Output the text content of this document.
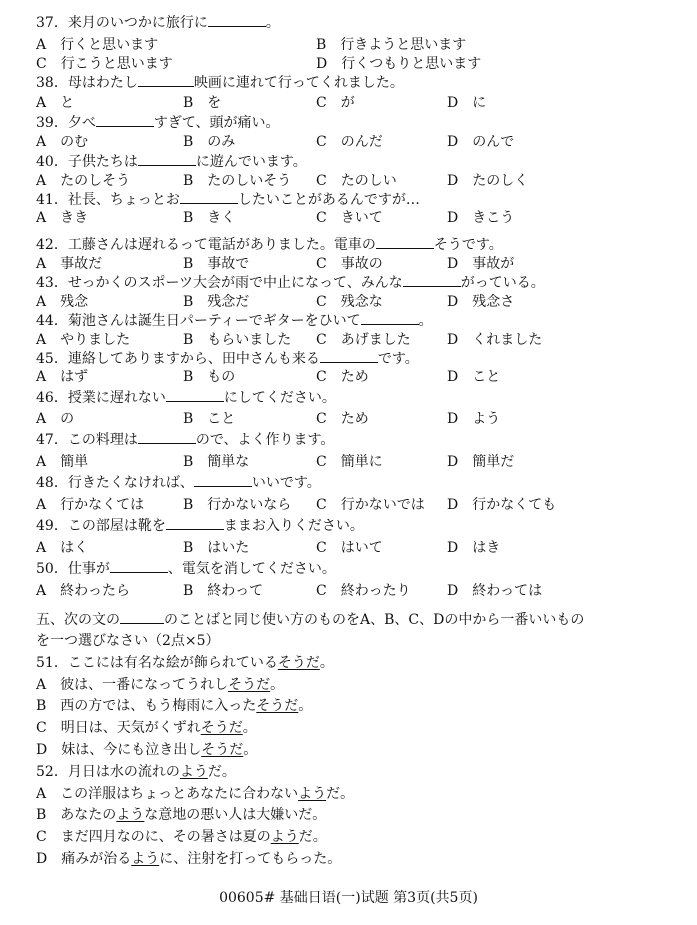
37．来月のいつかに旅行に	。
A　行くと思います	B　行きようと思います
C　行こうと思います	D　行くつもりと思います
38．母はわたし	映画に連れて行ってくれました。
A　と	B　を	C　が	D　に
39．夕べ	すぎて、頭が痛い。
A　のむ	B　のみ	C　のんだ	D　のんで
40．子供たちは	に遊んでいます。
A　たのしそう	B　たのしいそう C　たのしい	D　たのしく
41．社長、ちょっとお	したいことがあるんですが…
A　きき	B　きく	C　きいて	D　きこう
42．工藤さんは遅れるって電話がありました。電車の	そうです。
A　事故だ	B　事故で	C　事故の	D　事故が
43．せっかくのスポーツ大会が雨で中止になって、みんな	がっている。
A　残念	B　残念だ	C　残念な	D　残念さ
44．菊池さんは誕生日パーティーでギターをひいて	。
A　やりました	B　もらいました C　あげました	D　くれました
45．連絡してありますから、田中さんも来る	です。
A　はず	B　もの	C　ため	D　こと
46．授業に遅れない	にしてください。
A　の	B　こと	C　ため	D　よう
47．この料理は	ので、よく作ります。
A　簡単	B　簡単な	C　簡単に	D　簡単だ
48．行きたくなければ、	いいです。
A　行かなくては	B　行かないなら C　行かないでは D　行かなくても
49．この部屋は靴を	ままお入りください。
A　はく	B　はいた	C　はいて	D　はき
50．仕事が	、電気を消してください。
A　終わったら	B　終わって	C　終わったり	D　終わっては
五、次の文の	のことばと同じ使い方のものをA、B、C、Dの中から一番いいもの
を一つ選びなさい（2点×5）
51．ここには有名な絵が飾られているそうだ。
A　彼は、一番になってうれしそうだ。
B　西の方では、もう梅雨に入ったそうだ。
C　明日は、天気がくずれそうだ。
D　妹は、今にも泣き出しそうだ。
52．月日は水の流れのようだ。
A　この洋服はちょっとあなたに合わないようだ。
B　あなたのような意地の悪い人は大嫌いだ。
C　まだ四月なのに、その暑さは夏のようだ。
D　痛みが治るように、注射を打ってもらった。
00605# 基础日语(一)试题 第3页(共5页)
